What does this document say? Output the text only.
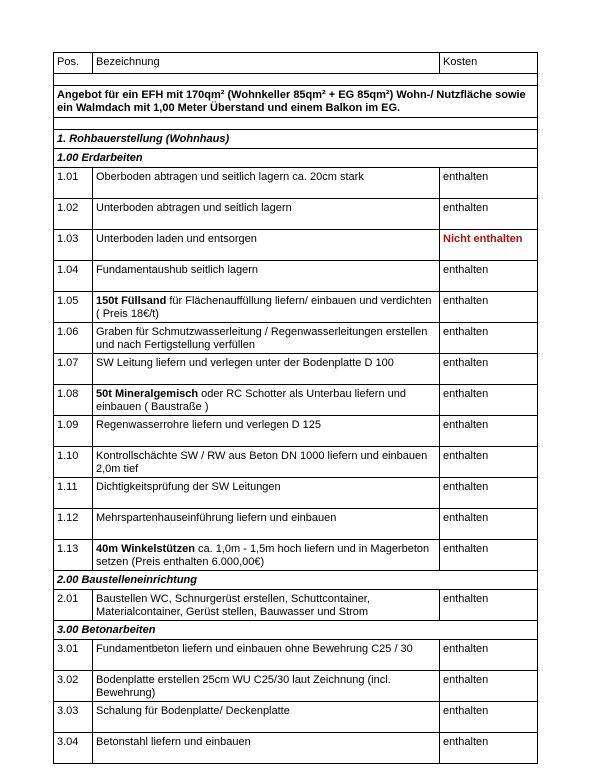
Pos.	Bezeichnung	Kosten

Angebot für ein EFH mit 170qm² (Wohnkeller 85qm² + EG 85qm²) Wohn-/ Nutzfläche sowie ein Walmdach mit 1,00 Meter Überstand und einem Balkon im EG.		

1. Rohbauerstellung (Wohnhaus)		
1.00 Erdarbeiten		
1.01	Oberboden abtragen und seitlich lagern ca. 20cm stark	enthalten
1.02	Unterboden abtragen und seitlich lagern	enthalten
1.03	Unterboden laden und entsorgen	Nicht enthalten
1.04	Fundamentaushub seitlich lagern	enthalten
1.05	150t Füllsand für Flächenauffüllung liefern/ einbauen und verdichten ( Preis 18€/t)	enthalten
1.06	Graben für Schmutzwasserleitung / Regenwasserleitungen erstellen und nach Fertigstellung verfüllen	enthalten
1.07	SW Leitung liefern und verlegen unter der Bodenplatte D 100	enthalten
1.08	50t Mineralgemisch oder RC Schotter als Unterbau liefern und einbauen ( Baustraße )	enthalten
1.09	Regenwasserrohre liefern und verlegen D 125	enthalten
1.10	Kontrollschächte SW / RW aus Beton DN 1000 liefern und einbauen 2,0m tief	enthalten
1.11	Dichtigkeitsprüfung der SW Leitungen	enthalten
1.12	Mehrspartenhauseinführung liefern und einbauen	enthalten
1.13	40m Winkelstützen ca. 1,0m - 1,5m hoch liefern und in Magerbeton setzen (Preis enthalten 6.000,00€)	enthalten
2.00 Baustelleneinrichtung		
2.01	Baustellen WC, Schnurgerüst erstellen, Schuttcontainer, Materialcontainer, Gerüst stellen, Bauwasser und Strom	enthalten
3.00 Betonarbeiten		
3.01	Fundamentbeton liefern und einbauen ohne Bewehrung C25 / 30	enthalten
3.02	Bodenplatte erstellen 25cm WU C25/30 laut Zeichnung (incl. Bewehrung)	enthalten
3.03	Schalung für Bodenplatte/ Deckenplatte	enthalten
3.04	Betonstahl liefern und einbauen	enthalten
